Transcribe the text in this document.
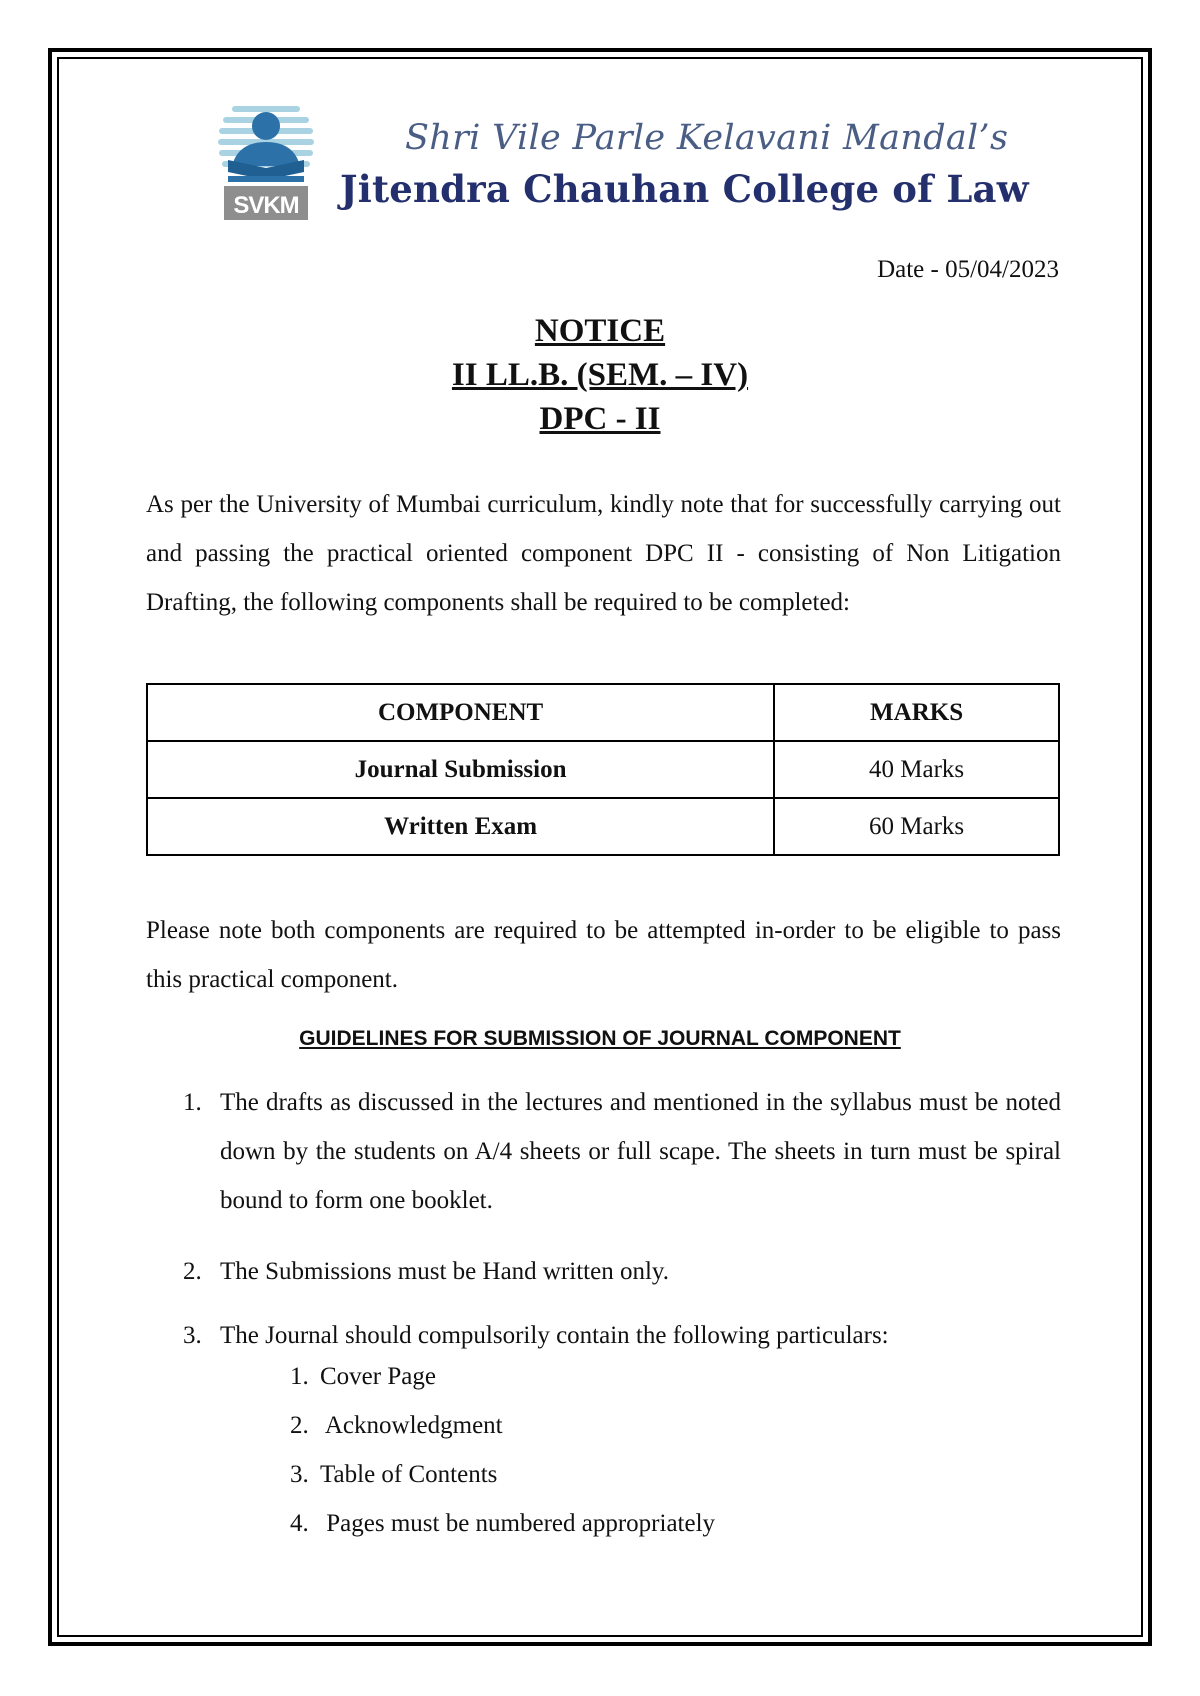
SVKM
Shri Vile Parle Kelavani Mandal’s
Jitendra Chauhan College of Law
Date - 05/04/2023
NOTICE
II LL.B. (SEM. – IV)
DPC - II
As per the University of Mumbai curriculum, kindly note that for successfully carrying out and passing the practical oriented component DPC II - consisting of Non Litigation Drafting, the following components shall be required to be completed:
COMPONENT	MARKS
Journal Submission	40 Marks
Written Exam	60 Marks
Please note both components are required to be attempted in-order to be eligible to pass this practical component.
GUIDELINES FOR SUBMISSION OF JOURNAL COMPONENT
1. The drafts as discussed in the lectures and mentioned in the syllabus must be noted down by the students on A/4 sheets or full scape. The sheets in turn must be spiral bound to form one booklet.
2. The Submissions must be Hand written only.
3. The Journal should compulsorily contain the following particulars:
1. Cover Page
2. Acknowledgment
3. Table of Contents
4. Pages must be numbered appropriately
